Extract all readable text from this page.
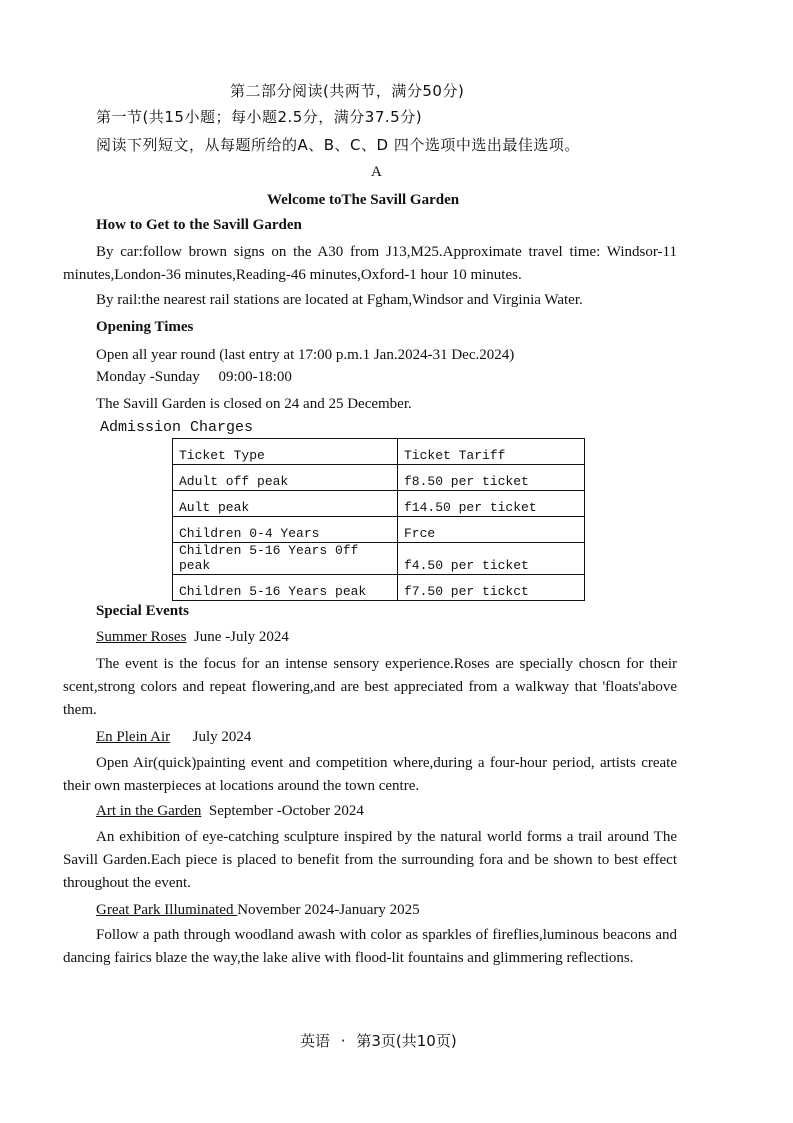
第二部分阅读(共两节，满分50分)
第一节(共15小题；每小题2.5分，满分37.5分)
阅读下列短文，从每题所给的A、B、C、D 四个选项中选出最佳选项。
A
Welcome toThe Savill Garden
How to Get to the Savill Garden
By car:follow brown signs on the A30 from J13,M25.Approximate travel time: Windsor-11 minutes,London-36 minutes,Reading-46 minutes,Oxford-1 hour 10 minutes.
By rail:the nearest rail stations are located at Fgham,Windsor and Virginia Water.
Opening Times
Open all year round (last entry at 17:00 p.m.1 Jan.2024-31 Dec.2024)
Monday -Sunday     09:00-18:00
The Savill Garden is closed on 24 and 25 December.
Admission Charges
Ticket Type	Ticket Tariff
Adult off peak	f8.50 per ticket
Ault peak	f14.50 per ticket
Children 0-4 Years	Frce
Children 5-16 Years 0ff peak	f4.50 per ticket
Children 5-16 Years peak	f7.50 per tickct
Special Events
Summer Roses June -July 2024
The event is the focus for an intense sensory experience.Roses are specially choscn for their scent,strong colors and repeat flowering,and are best appreciated from a walkway that 'floats'above them.
En Plein Air July 2024
Open Air(quick)painting event and competition where,during a four-hour period, artists create their own masterpieces at locations around the town centre.
Art in the Garden September -October 2024
An exhibition of eye-catching sculpture inspired by the natural world forms a trail around The Savill Garden.Each piece is placed to benefit from the surrounding fora and be shown to best effect throughout the event.
Great Park Illuminated November 2024-January 2025
Follow a path through woodland awash with color as sparkles of fireflies,luminous beacons and dancing fairics blaze the way,the lake alive with flood-lit fountains and glimmering reflections.
英语 · 第3页(共10页)
